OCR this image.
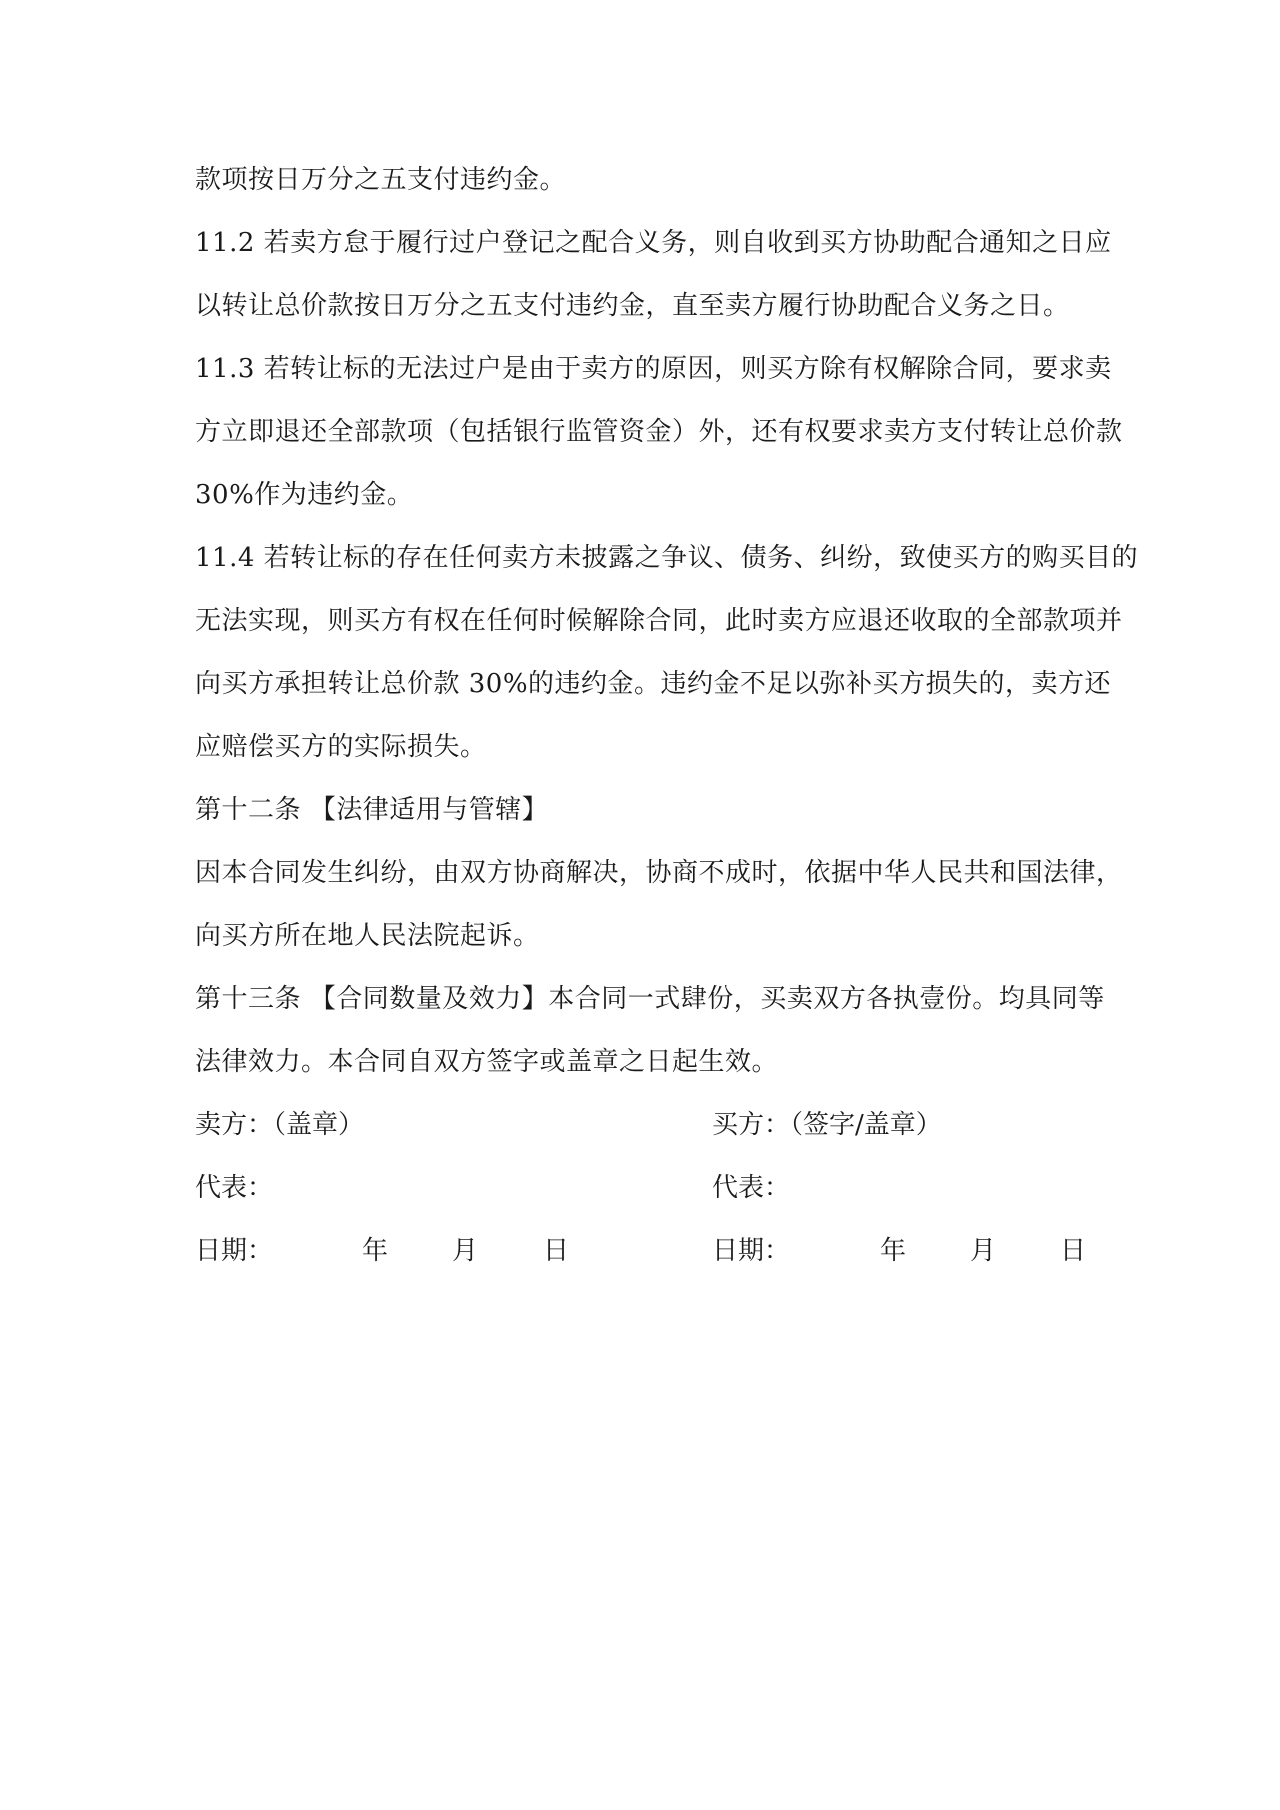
款项按日万分之五支付违约金。
11.2 若卖方怠于履行过户登记之配合义务，则自收到买方协助配合通知之日应
以转让总价款按日万分之五支付违约金，直至卖方履行协助配合义务之日。
11.3 若转让标的无法过户是由于卖方的原因，则买方除有权解除合同，要求卖
方立即退还全部款项（包括银行监管资金）外，还有权要求卖方支付转让总价款
30%作为违约金。
11.4 若转让标的存在任何卖方未披露之争议、债务、纠纷，致使买方的购买目的
无法实现，则买方有权在任何时候解除合同，此时卖方应退还收取的全部款项并
向买方承担转让总价款 30%的违约金。违约金不足以弥补买方损失的，卖方还
应赔偿买方的实际损失。
第十二条 【法律适用与管辖】
因本合同发生纠纷，由双方协商解决，协商不成时，依据中华人民共和国法律，
向买方所在地人民法院起诉。
第十三条 【合同数量及效力】本合同一式肆份，买卖双方各执壹份。均具同等
法律效力。本合同自双方签字或盖章之日起生效。
卖方：（盖章）	买方：（签字/盖章）
代表：	代表：
日期：	年 月 日	日期：	年 月 日
